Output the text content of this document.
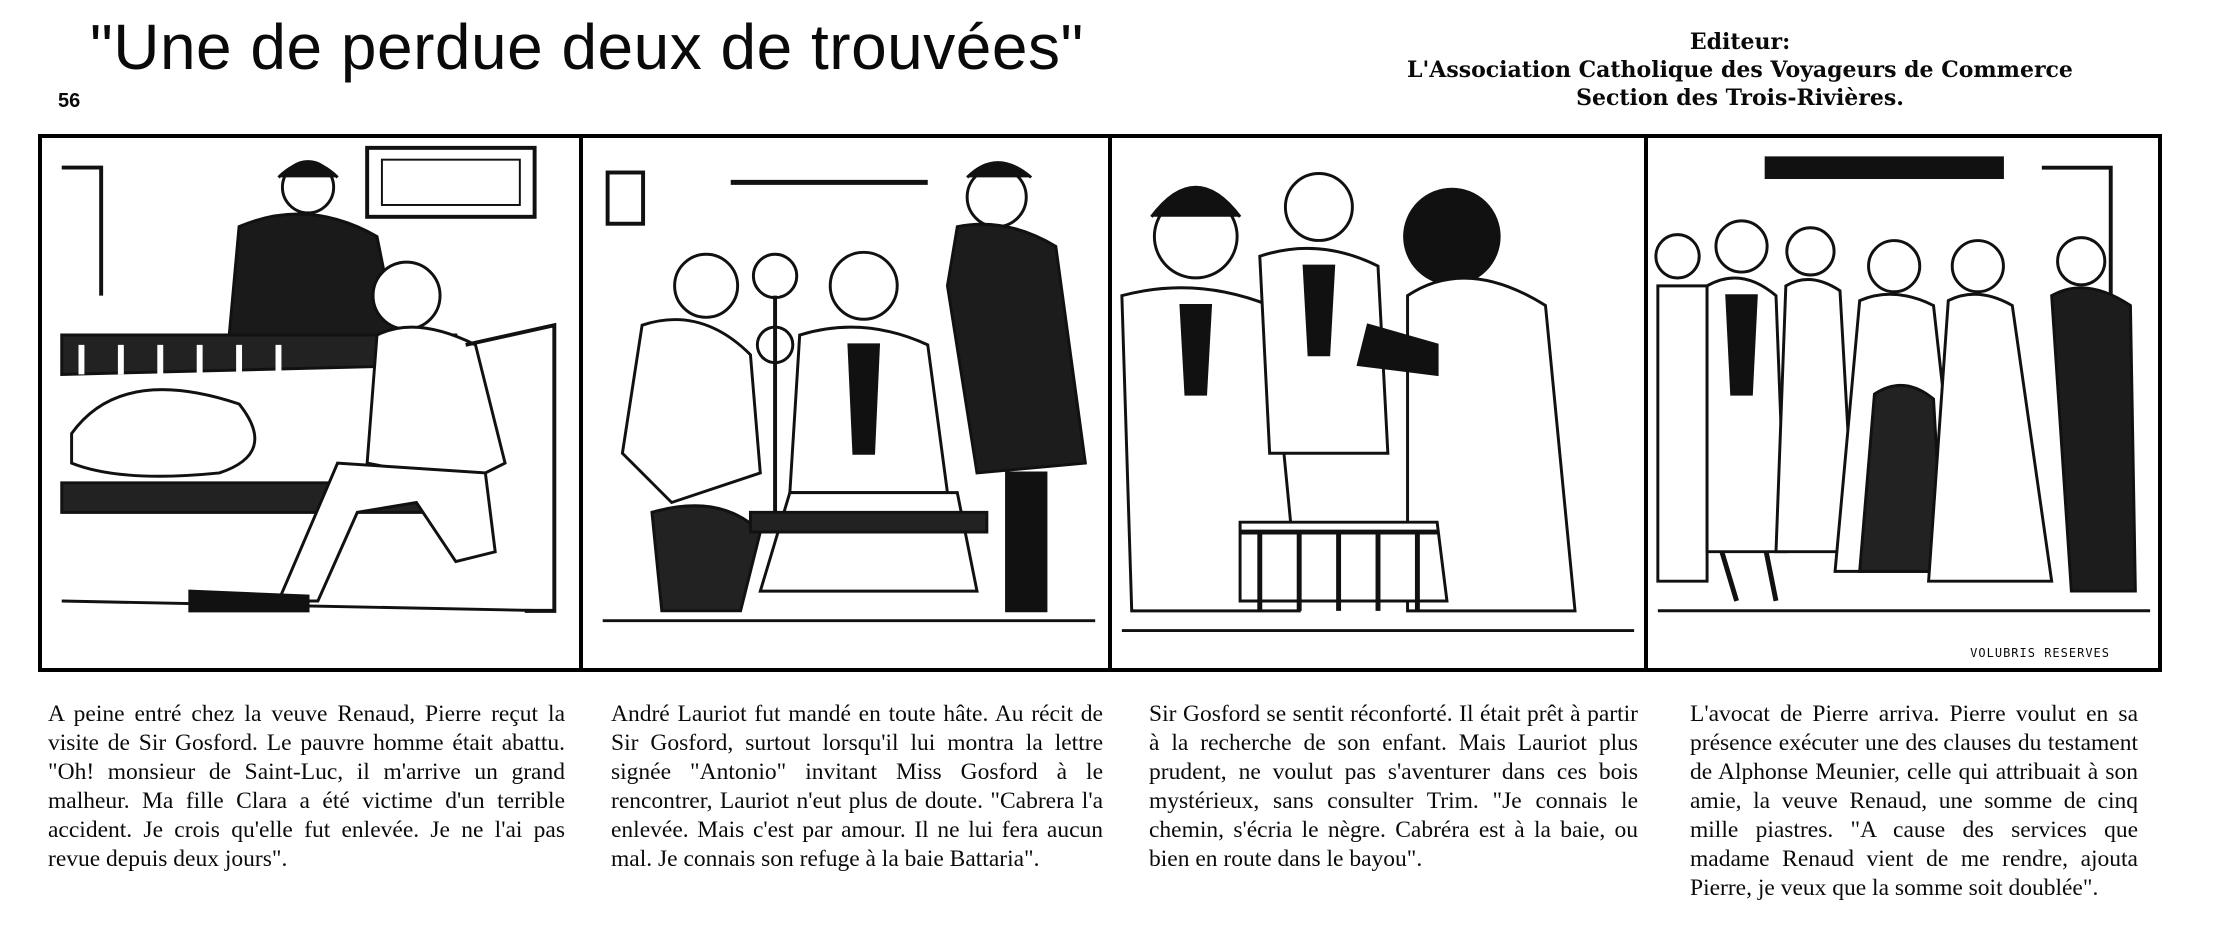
"Une de perdue deux de trouvées"
56
Editeur:
L'Association Catholique des Voyageurs de Commerce
Section des Trois-Rivières.
VOLUBRIS RESERVES
A peine entré chez la veuve Renaud, Pierre reçut la visite de Sir Gosford. Le pauvre homme était abattu. "Oh! monsieur de Saint-Luc, il m'arrive un grand malheur. Ma fille Clara a été victime d'un terrible accident. Je crois qu'elle fut enlevée. Je ne l'ai pas revue depuis deux jours".
André Lauriot fut mandé en toute hâte. Au récit de Sir Gosford, surtout lorsqu'il lui montra la lettre signée "Antonio" invitant Miss Gosford à le rencontrer, Lauriot n'eut plus de doute. "Cabrera l'a enlevée. Mais c'est par amour. Il ne lui fera aucun mal. Je connais son refuge à la baie Battaria".
Sir Gosford se sentit réconforté. Il était prêt à partir à la recherche de son enfant. Mais Lauriot plus prudent, ne voulut pas s'aventurer dans ces bois mystérieux, sans consulter Trim. "Je connais le chemin, s'écria le nègre. Cabréra est à la baie, ou bien en route dans le bayou".
L'avocat de Pierre arriva. Pierre voulut en sa présence exécuter une des clauses du testament de Alphonse Meunier, celle qui attribuait à son amie, la veuve Renaud, une somme de cinq mille piastres. "A cause des services que madame Renaud vient de me rendre, ajouta Pierre, je veux que la somme soit doublée".
